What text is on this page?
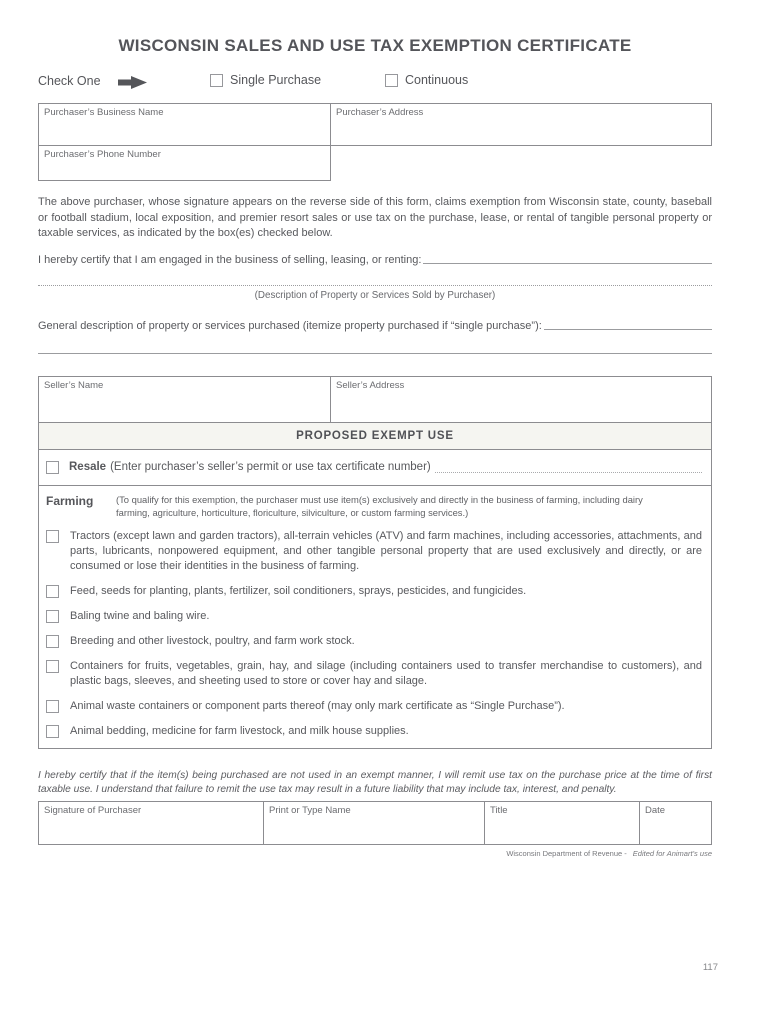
WISCONSIN SALES AND USE TAX EXEMPTION CERTIFICATE
Check One	Single Purchase	Continuous
Purchaser’s Business Name	Purchaser’s Address
Purchaser’s Phone Number
The above purchaser, whose signature appears on the reverse side of this form, claims exemption from Wisconsin state, county, baseball or football stadium, local exposition, and premier resort sales or use tax on the purchase, lease, or rental of tangible personal property or taxable services, as indicated by the box(es) checked below.
I hereby certify that I am engaged in the business of selling, leasing, or renting:
(Description of Property or Services Sold by Purchaser)
General description of property or services purchased (itemize property purchased if “single purchase”):
Seller’s Name	Seller’s Address
PROPOSED EXEMPT USE
Resale (Enter purchaser’s seller’s permit or use tax certificate number)
Farming	(To qualify for this exemption, the purchaser must use item(s) exclusively and directly in the business of farming, including dairy farming, agriculture, horticulture, floriculture, silviculture, or custom farming services.)
Tractors (except lawn and garden tractors), all-terrain vehicles (ATV) and farm machines, including accessories, attachments, and parts, lubricants, nonpowered equipment, and other tangible personal property that are used exclusively and directly, or are consumed or lose their identities in the business of farming.
Feed, seeds for planting, plants, fertilizer, soil conditioners, sprays, pesticides, and fungicides.
Baling twine and baling wire.
Breeding and other livestock, poultry, and farm work stock.
Containers for fruits, vegetables, grain, hay, and silage (including containers used to transfer merchandise to customers), and plastic bags, sleeves, and sheeting used to store or cover hay and silage.
Animal waste containers or component parts thereof (may only mark certificate as “Single Purchase”).
Animal bedding, medicine for farm livestock, and milk house supplies.
I hereby certify that if the item(s) being purchased are not used in an exempt manner, I will remit use tax on the purchase price at the time of first taxable use. I understand that failure to remit the use tax may result in a future liability that may include tax, interest, and penalty.
Signature of Purchaser	Print or Type Name	Title	Date
Wisconsin Department of Revenue - Edited for Animart’s use
117
